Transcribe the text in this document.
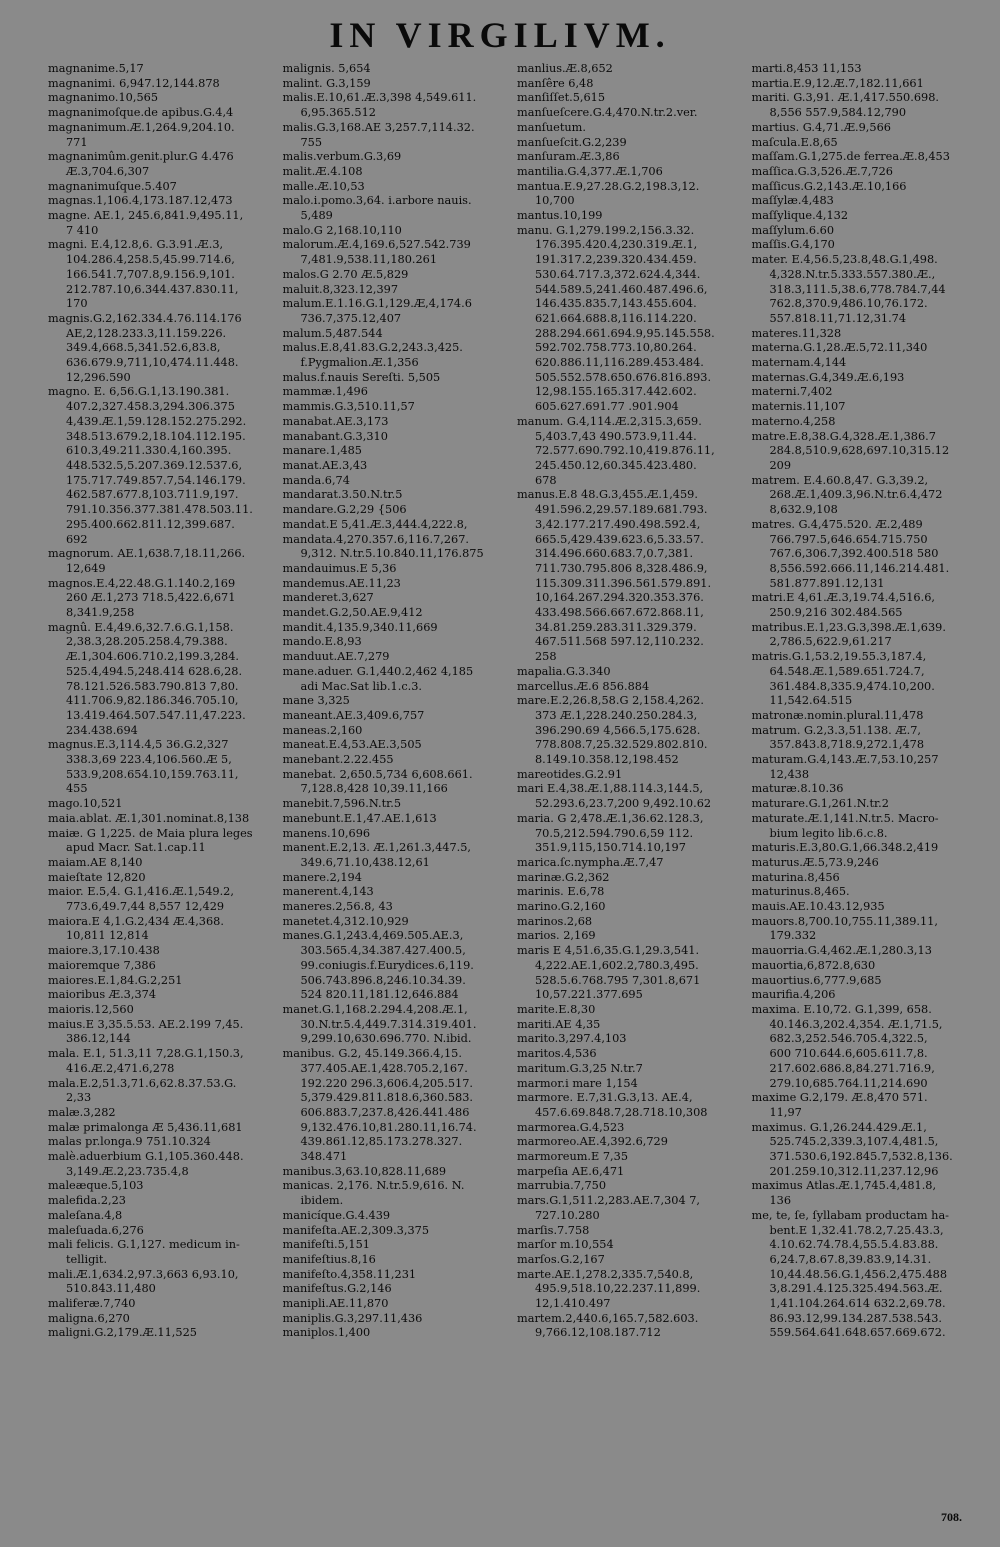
IN VIRGILIVM.
magnanime.5,17
magnanimi. 6,947.12,144.878
magnanimo.10,565
magnanimoſque.de apibus.G.4,4
magnanimum.Æ.1,264.9,204.10.
771
magnanimûm.genit.plur.G 4.476
Æ.3,704.6,307
magnanimuſque.5.407
magnas.1,106.4,173.187.12,473
magne. AE.1, 245.6,841.9,495.11,
7 410
magni. E.4,12.8,6. G.3.91.Æ.3,
104.286.4,258.5,45.99.714.6,
166.541.7,707.8,9.156.9,101.
212.787.10,6.344.437.830.11,
170
magnis.G.2,162.334.4.76.114.176
AE,2,128.233.3,11.159.226.
349.4,668.5,341.52.6,83.8,
636.679.9,711,10,474.11.448.
12,296.590
magno. E. 6,56.G.1,13.190.381.
407.2,327.458.3,294.306.375
4,439.Æ.1,59.128.152.275.292.
348.513.679.2,18.104.112.195.
610.3,49.211.330.4,160.395.
448.532.5,5.207.369.12.537.6,
175.717.749.857.7,54.146.179.
462.587.677.8,103.711.9,197.
791.10.356.377.381.478.503.11.
295.400.662.811.12,399.687.
692
magnorum. AE.1,638.7,18.11,266.
12,649
magnos.E.4,22.48.G.1.140.2,169
260 Æ.1,273 718.5,422.6,671
8,341.9,258
magnû. E.4,49.6,32.7.6.G.1,158.
2,38.3,28.205.258.4,79.388.
Æ.1,304.606.710.2,199.3,284.
525.4,494.5,248.414 628.6,28.
78.121.526.583.790.813 7,80.
411.706.9,82.186.346.705.10,
13.419.464.507.547.11,47.223.
234.438.694
magnus.E.3,114.4,5 36.G.2,327
338.3,69 223.4,106.560.Æ 5,
533.9,208.654.10,159.763.11,
455
mago.10,521
maia.ablat. Æ.1,301.nominat.8,138
maiæ. G 1,225. de Maia plura leges
apud Macr. Sat.1.cap.11
maiam.AE 8,140
maieſtate 12,820
maior. E.5,4. G.1,416.Æ.1,549.2,
773.6,49.7,44 8,557 12,429
maiora.E 4,1.G.2,434 Æ.4,368.
10,811 12,814
maiore.3,17.10.438
maioremque 7,386
maiores.E.1,84.G.2,251
maioribus Æ.3,374
maioris.12,560
maius.E 3,35.5.53. AE.2.199 7,45.
386.12,144
mala. E.1, 51.3,11 7,28.G.1,150.3,
416.Æ.2,471.6,278
mala.E.2,51.3,71.6,62.8.37.53.G.
2,33
malæ.3,282
malæ primalonga Æ 5,436.11,681
malas pr.longa.9 751.10.324
malè.aduerbium G.1,105.360.448.
3,149.Æ.2,23.735.4,8
maleæque.5,103
malefida.2,23
maleſana.4,8
maleſuada.6,276
mali felicis. G.1,127. medicum in-
telligit.
mali.Æ.1,634.2,97.3,663 6,93.10,
510.843.11,480
maliferæ.7,740
maligna.6,270
maligni.G.2,179.Æ.11,525
malignis. 5,654
malint. G.3,159
malis.E.10,61.Æ.3,398 4,549.611.
6,95.365.512
malis.G.3,168.AE 3,257.7,114.32.
755
malis.verbum.G.3,69
malit.Æ.4.108
malle.Æ.10,53
malo.i.pomo.3,64. i.arbore nauis.
5,489
malo.G 2,168.10,110
malorum.Æ.4,169.6,527.542.739
7,481.9,538.11,180.261
malos.G 2.70 Æ.5,829
maluit.8,323.12,397
malum.E.1.16.G.1,129.Æ,4,174.6
736.7,375.12,407
malum.5,487.544
malus.E.8,41.83.G.2,243.3,425.
f.Pygmalion.Æ.1,356
malus.f.nauis Sereſti. 5,505
mammæ.1,496
mammis.G.3,510.11,57
manabat.AE.3,173
manabant.G.3,310
manare.1,485
manat.AE.3,43
manda.6,74
mandarat.3.50.N.tr.5
mandare.G.2,29 {506
mandat.E 5,41.Æ.3,444.4,222.8,
mandata.4,270.357.6,116.7,267.
9,312. N.tr.5.10.840.11,176.875
mandauimus.E 5,36
mandemus.AE.11,23
manderet.3,627
mandet.G.2,50.AE.9,412
mandit.4,135.9,340.11,669
mando.E.8,93
manduut.AE.7,279
mane.aduer. G.1,440.2,462 4,185
adi Mac.Sat lib.1.c.3.
mane 3,325
maneant.AE.3,409.6,757
maneas.2,160
maneat.E.4,53.AE.3,505
manebant.2.22.455
manebat. 2,650.5,734 6,608.661.
7,128.8,428 10,39.11,166
manebit.7,596.N.tr.5
manebunt.E.1,47.AE.1,613
manens.10,696
manent.E.2,13. Æ.1,261.3,447.5,
349.6,71.10,438.12,61
manere.2,194
manerent.4,143
maneres.2,56.8, 43
manetet.4,312.10,929
manes.G.1,243.4,469.505.AE.3,
303.565.4,34.387.427.400.5,
99.coniugis.f.Eurydices.6,119.
506.743.896.8,246.10.34.39.
524 820.11,181.12,646.884
manet.G.1,168.2.294.4,208.Æ.1,
30.N.tr.5.4,449.7.314.319.401.
9,299.10,630.696.770. N.ibid.
manibus. G.2, 45.149.366.4,15.
377.405.AE.1,428.705.2,167.
192.220 296.3,606.4,205.517.
5,379.429.811.818.6,360.583.
606.883.7,237.8,426.441.486
9,132.476.10,81.280.11,16.74.
439.861.12,85.173.278.327.
348.471
manibus.3,63.10,828.11,689
manicas. 2,176. N.tr.5.9,616. N.
ibidem.
manicíque.G.4.439
manifeſta.AE.2,309.3,375
manifeſti.5,151
manifeſtius.8,16
manifeſto.4,358.11,231
manifeſtus.G.2,146
manipli.AE.11,870
maniplis.G.3,297.11,436
maniplos.1,400
manlius.Æ.8,652
manſêre 6,48
manſiſſet.5,615
manſueſcere.G.4,470.N.tr.2.ver.
manſuetum.
manſueſcit.G.2,239
manſuram.Æ.3,86
mantilia.G.4,377.Æ.1,706
mantua.E.9,27.28.G.2,198.3,12.
10,700
mantus.10,199
manu. G.1,279.199.2,156.3.32.
176.395.420.4,230.319.Æ.1,
191.317.2,239.320.434.459.
530.64.717.3,372.624.4,344.
544.589.5,241.460.487.496.6,
146.435.835.7,143.455.604.
621.664.688.8,116.114.220.
288.294.661.694.9,95.145.558.
592.702.758.773.10,80.264.
620.886.11,116.289.453.484.
505.552.578.650.676.816.893.
12,98.155.165.317.442.602.
605.627.691.77 .901.904
manum. G.4,114.Æ.2,315.3,659.
5,403.7,43 490.573.9,11.44.
72.577.690.792.10,419.876.11,
245.450.12,60.345.423.480.
678
manus.E.8 48.G.3,455.Æ.1,459.
491.596.2,29.57.189.681.793.
3,42.177.217.490.498.592.4,
665.5,429.439.623.6,5.33.57.
314.496.660.683.7,0.7,381.
711.730.795.806 8,328.486.9,
115.309.311.396.561.579.891.
10,164.267.294.320.353.376.
433.498.566.667.672.868.11,
34.81.259.283.311.329.379.
467.511.568 597.12,110.232.
258
mapalia.G.3.340
marcellus.Æ.6 856.884
mare.E.2,26.8,58.G 2,158.4,262.
373 Æ.1,228.240.250.284.3,
396.290.69 4,566.5,175.628.
778.808.7,25.32.529.802.810.
8.149.10.358.12,198.452
mareotides.G.2.91
mari E.4,38.Æ.1,88.114.3,144.5,
52.293.6,23.7,200 9,492.10.62
maria. G 2,478.Æ.1,36.62.128.3,
70.5,212.594.790.6,59 112.
351.9,115,150.714.10,197
marica.ſc.nympha.Æ.7,47
marinæ.G.2,362
marinis. E.6,78
marino.G.2,160
marinos.2,68
marios. 2,169
maris E 4,51.6,35.G.1,29.3,541.
4,222.AE.1,602.2,780.3,495.
528.5.6.768.795 7,301.8,671
10,57.221.377.695
marite.E.8,30
mariti.AE 4,35
marito.3,297.4,103
maritos.4,536
maritum.G.3,25 N.tr.7
marmor.i mare 1,154
marmore. E.7,31.G.3,13. AE.4,
457.6.69.848.7,28.718.10,308
marmorea.G.4,523
marmoreo.AE.4,392.6,729
marmoreum.E 7,35
marpeſia AE.6,471
marrubia.7,750
mars.G.1,511.2,283.AE.7,304 7,
727.10.280
marſis.7.758
marſor m.10,554
marſos.G.2,167
marte.AE.1,278.2,335.7,540.8,
495.9,518.10,22.237.11,899.
12,1.410.497
martem.2,440.6,165.7,582.603.
9,766.12,108.187.712
marti.8,453 11,153
martia.E.9,12.Æ.7,182.11,661
mariti. G.3,91. Æ.1,417.550.698.
8,556 557.9,584.12,790
martius. G.4,71.Æ.9,566
maſcula.E.8,65
maſſam.G.1,275.de ferrea.Æ.8,453
maſſica.G.3,526.Æ.7,726
maſſicus.G.2,143.Æ.10,166
maſſylæ.4,483
maſſylique.4,132
maſſylum.6.60
maſſis.G.4,170
mater. E.4,56.5,23.8,48.G.1,498.
4,328.N.tr.5.333.557.380.Æ.,
318.3,111.5,38.6,778.784.7,44
762.8,370.9,486.10,76.172.
557.818.11,71.12,31.74
materes.11,328
materna.G.1,28.Æ.5,72.11,340
maternam.4,144
maternas.G.4,349.Æ.6,193
materni.7,402
maternis.11,107
materno.4,258
matre.E.8,38.G.4,328.Æ.1,386.7
284.8,510.9,628,697.10,315.12
209
matrem. E.4.60.8,47. G.3,39.2,
268.Æ.1,409.3,96.N.tr.6.4,472
8,632.9,108
matres. G.4,475.520. Æ.2,489
766.797.5,646.654.715.750
767.6,306.7,392.400.518 580
8,556.592.666.11,146.214.481.
581.877.891.12,131
matri.E 4,61.Æ.3,19.74.4,516.6,
250.9,216 302.484.565
matribus.E.1,23.G.3,398.Æ.1,639.
2,786.5,622.9,61.217
matris.G.1,53.2,19.55.3,187.4,
64.548.Æ.1,589.651.724.7,
361.484.8,335.9,474.10,200.
11,542.64.515
matronæ.nomin.plural.11,478
matrum. G.2,3.3,51.138. Æ.7,
357.843.8,718.9,272.1,478
maturam.G.4,143.Æ.7,53.10,257
12,438
maturæ.8.10.36
maturare.G.1,261.N.tr.2
maturate.Æ.1,141.N.tr.5. Macro-
bium legito lib.6.c.8.
maturis.E.3,80.G.1,66.348.2,419
maturus.Æ.5,73.9,246
maturina.8,456
maturinus.8,465.
mauis.AE.10.43.12,935
mauors.8,700.10,755.11,389.11,
179.332
mauorria.G.4,462.Æ.1,280.3,13
mauortia,6,872.8,630
mauortius.6,777.9,685
maurifia.4,206
maxima. E.10,72. G.1,399, 658.
40.146.3,202.4,354. Æ.1,71.5,
682.3,252.546.705.4,322.5,
600 710.644.6,605.611.7,8.
217.602.686.8,84.271.716.9,
279.10,685.764.11,214.690
maxime G.2,179. Æ.8,470 571.
11,97
maximus. G.1,26.244.429.Æ.1,
525.745.2,339.3,107.4,481.5,
371.530.6,192.845.7,532.8,136.
201.259.10,312.11,237.12,96
maximus Atlas.Æ.1,745.4,481.8,
136
me, te, ſe, ſyllabam productam ha-
bent.E 1,32.41.78.2,7.25.43.3,
4.10.62.74.78.4,55.5.4.83.88.
6,24.7,8.67.8,39.83.9,14.31.
10,44.48.56.G.1,456.2,475.488
3,8.291.4.125.325.494.563.Æ.
1,41.104.264.614 632.2,69.78.
86.93.12,99.134.287.538.543.
559.564.641.648.657.669.672.
708.
